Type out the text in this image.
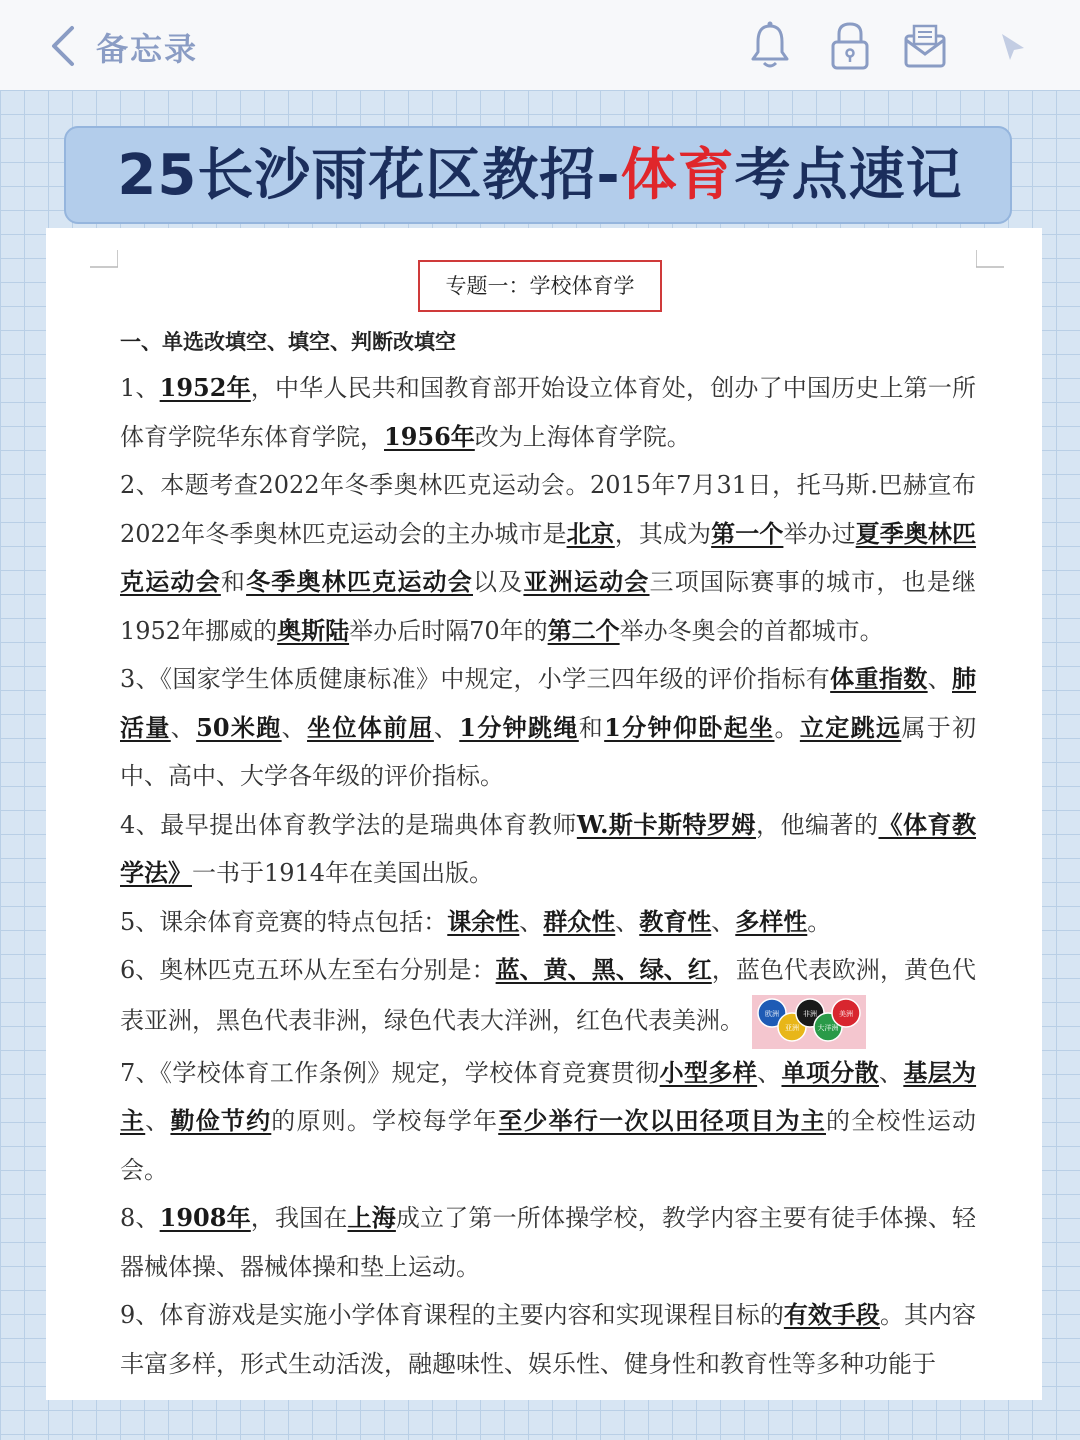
备忘录
25长沙雨花区教招-体育考点速记
专题一：学校体育学
一、单选改填空、填空、判断改填空
1、1952年，中华人民共和国教育部开始设立体育处，创办了中国历史上第一所体育学院华东体育学院，1956年改为上海体育学院。
2、本题考查2022年冬季奥林匹克运动会。2015年7月31日，托马斯.巴赫宣布2022年冬季奥林匹克运动会的主办城市是北京，其成为第一个举办过夏季奥林匹克运动会和冬季奥林匹克运动会以及亚洲运动会三项国际赛事的城市，也是继1952年挪威的奥斯陆举办后时隔70年的第二个举办冬奥会的首都城市。
3、《国家学生体质健康标准》中规定，小学三四年级的评价指标有体重指数、肺活量、50米跑、坐位体前屈、1分钟跳绳和1分钟仰卧起坐。立定跳远属于初中、高中、大学各年级的评价指标。
4、最早提出体育教学法的是瑞典体育教师W.斯卡斯特罗姆，他编著的《体育教学法》一书于1914年在美国出版。
5、课余体育竞赛的特点包括：课余性、群众性、教育性、多样性。
6、奥林匹克五环从左至右分别是：蓝、黄、黑、绿、红，蓝色代表欧洲，黄色代表亚洲，黑色代表非洲，绿色代表大洋洲，红色代表美洲。	欧洲
亚洲
非洲
大洋洲
美洲
7、《学校体育工作条例》规定，学校体育竞赛贯彻小型多样、单项分散、基层为主、勤俭节约的原则。学校每学年至少举行一次以田径项目为主的全校性运动会。
8、1908年，我国在上海成立了第一所体操学校，教学内容主要有徒手体操、轻器械体操、器械体操和垫上运动。
9、体育游戏是实施小学体育课程的主要内容和实现课程目标的有效手段。其内容丰富多样，形式生动活泼，融趣味性、娱乐性、健身性和教育性等多种功能于
